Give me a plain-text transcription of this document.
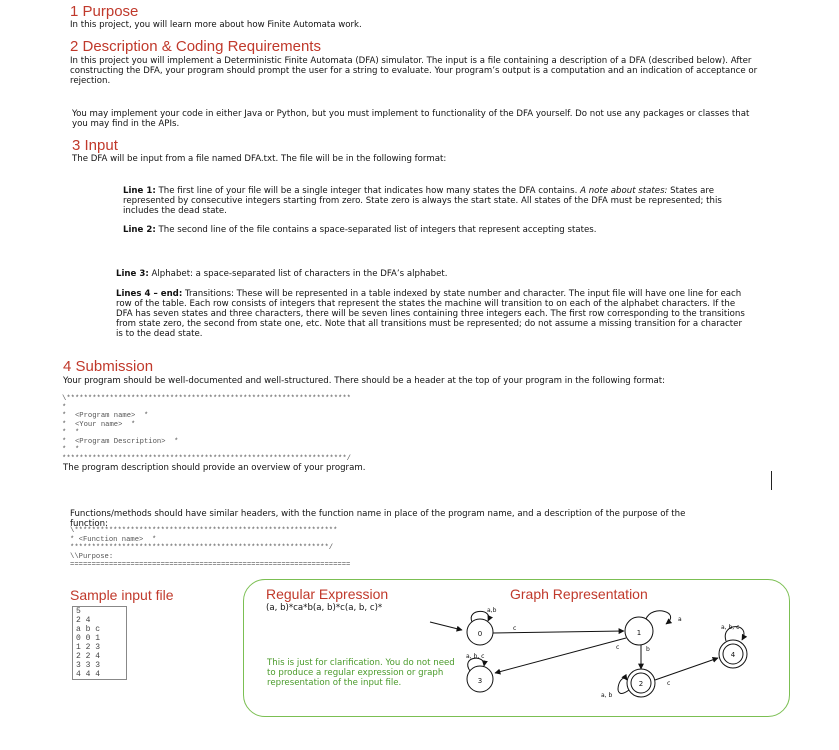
1 Purpose
In this project, you will learn more about how Finite Automata work.
2 Description & Coding Requirements
In this project you will implement a Deterministic Finite Automata (DFA) simulator. The input is a file containing a description of a DFA (described below). After constructing the DFA, your program should prompt the user for a string to evaluate. Your program’s output is a computation and an indication of acceptance or rejection.
You may implement your code in either Java or Python, but you must implement to functionality of the DFA yourself. Do not use any packages or classes that you may find in the APIs.
3 Input
The DFA will be input from a file named DFA.txt. The file will be in the following format:
Line 1: The first line of your file will be a single integer that indicates how many states the DFA contains. A note about states: States are represented by consecutive integers starting from zero. State zero is always the start state. All states of the DFA must be represented; this includes the dead state.
Line 2: The second line of the file contains a space-separated list of integers that represent accepting states.
Line 3: Alphabet: a space-separated list of characters in the DFA’s alphabet.
Lines 4 – end: Transitions: These will be represented in a table indexed by state number and character. The input file will have one line for each row of the table. Each row consists of integers that represent the states the machine will transition to on each of the alphabet characters. If the DFA has seven states and three characters, there will be seven lines containing three integers each. The first row corresponding to the transitions from state zero, the second from state one, etc. Note that all transitions must be represented; do not assume a missing transition for a character is to the dead state.
4 Submission
Your program should be well-documented and well-structured. There should be a header at the top of your program in the following format:
\******************************************************************
*
*  <Program name>  *
*  <Your name>  *
*  *
*  <Program Description>  *
*  *
******************************************************************/
The program description should provide an overview of your program.
Functions/methods should have similar headers, with the function name in place of the program name, and a description of the purpose of the function:
\*************************************************************
* <Function name>  *
************************************************************/
\\Purpose:
=================================================================
Sample input file
5
2 4
a b c
0 0 1
1 2 3
2 2 4
3 3 3
4 4 4
Regular Expression
(a, b)*ca*b(a, b)*c(a, b, c)*
This is just for clarification. You do not need to produce a regular expression or graph representation of the input file.
Graph Representation
0	1
2
3
4
a,b
c
a
c	b
a, b, c
c
a, b
a, b, c
